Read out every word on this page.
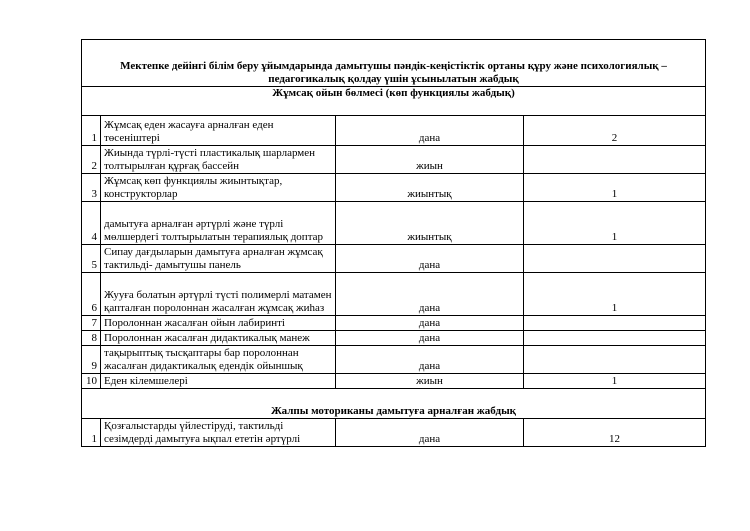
Мектепке дейінгі білім беру ұйымдарында дамытушы пәндік-кеңістіктік ортаны құру және психологиялық –педагогикалық қолдау үшін ұсынылатын жабдық			
Жұмсақ ойын бөлмесі (көп функциялы жабдық)			
1	Жұмсақ еден жасауға арналған еден төсеніштері	дана	2
2	Жиында түрлі-түсті пластикалық шарлармен толтырылған құрғақ бассейн	жиын	
3	Жұмсақ көп функциялы жиынтықтар, конструкторлар	жиынтық	1
4	дамытуға арналған әртүрлі және түрлі мөлшердегі толтырылатын терапиялық доптар	жиынтық	1
5	Сипау дағдыларын дамытуға арналған жұмсақ тактильді- дамытушы панель	дана	
6	Жууға болатын әртүрлі түсті полимерлі матамен қапталған поролоннан жасалған жұмсақ жиhаз	дана	1
7	Поролоннан жасалған ойын лабиринті	дана	
8	Поролоннан жасалған дидактикалық манеж	дана	
9	тақырыптық тысқаптары бар поролоннан жасалған дидактикалық едендік ойыншық	дана	
10	Еден кілемшелері	жиын	1
Жалпы моториканы дамытуға арналған жабдық			
1	Қозғалыстарды үйлестіруді, тактильді сезімдерді дамытуға ықпал ететін әртүрлі	дана	12
